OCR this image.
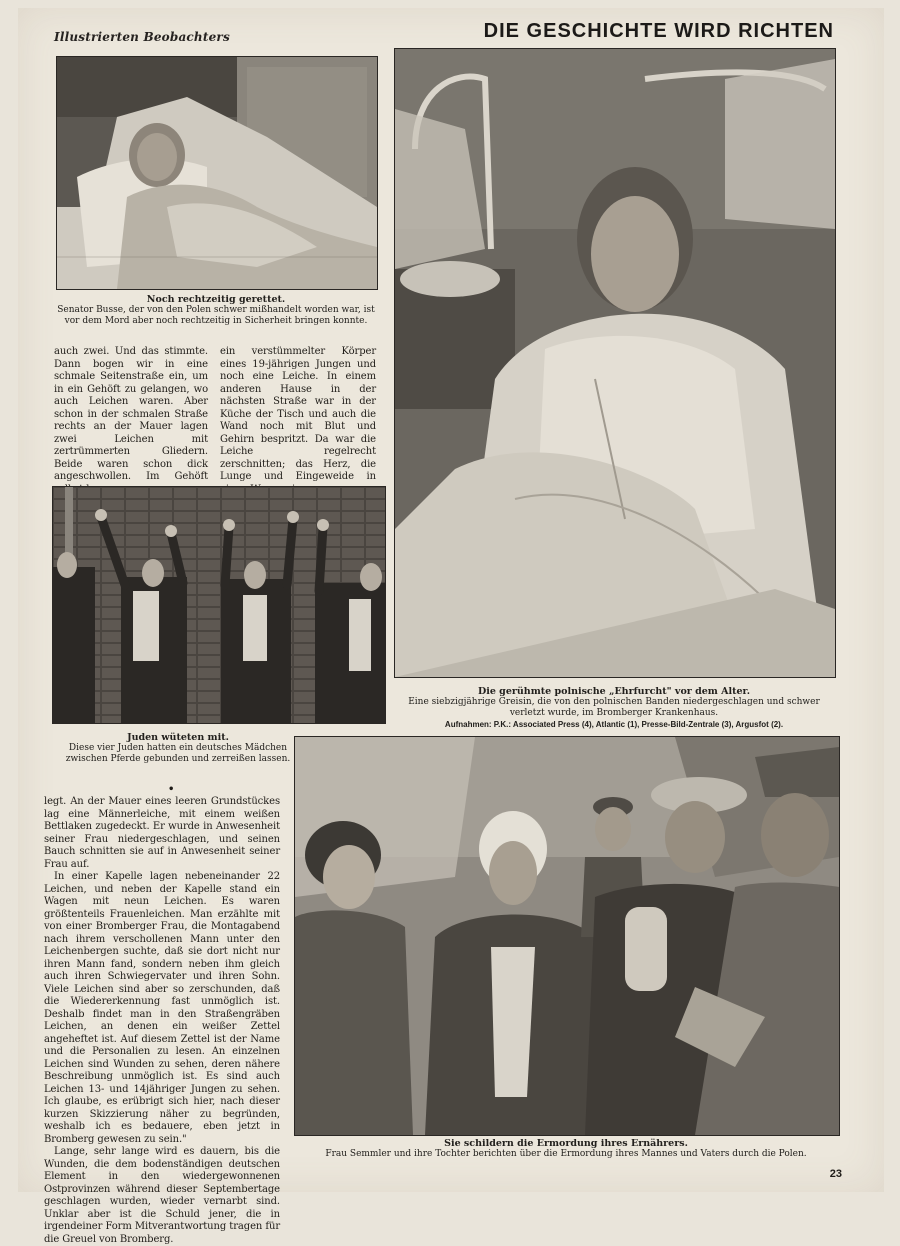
Illustrierten Beobachters	DIE GESCHICHTE WIRD RICHTEN
Noch rechtzeitig gerettet.
Senator Busse, der von den Polen schwer mißhandelt worden war, ist vor dem Mord aber noch rechtzeitig in Sicherheit bringen konnte.

auch zwei. Und das stimmte. Dann bogen wir in eine schmale Seitenstraße ein, um in ein Gehöft zu gelangen, wo auch Leichen waren. Aber schon in der schmalen Straße rechts an der Mauer lagen zwei Leichen mit zertrümmerten Gliedern. Beide waren schon dick angeschwollen. Im Gehöft

ein verstümmelter Körper eines 19-jährigen Jungen und noch eine Leiche. In einem anderen Hause in der nächsten Straße war in der Küche der Tisch und auch die Wand noch mit Blut und Gehirn bespritzt. Da war die Leiche regelrecht zerschnitten; das Herz, die Lunge und Eingeweide in

Die gerühmte polnische „Ehrfurcht" vor dem Alter.
Eine siebzigjährige Greisin, die von den polnischen Banden niedergeschlagen und schwer verletzt wurde, im Bromberger Krankenhaus.
Aufnahmen: P.K.: Associated Press (4), Atlantic (1), Presse-Bild-Zentrale (3), Argusfot (2).
Juden wüteten mit.
Diese vier Juden hatten ein deutsches Mädchen zwischen Pferde gebunden und zerreißen lassen.
•

legt. An der Mauer eines leeren Grundstückes lag eine Männerleiche, mit einem weißen Bettlaken zugedeckt. Er wurde in Anwesenheit seiner Frau niedergeschlagen, und seinen Bauch schnitten sie auf in Anwesenheit seiner Frau auf.

In einer Kapelle lagen nebeneinander 22 Leichen, und neben der Kapelle stand ein Wagen mit neun Leichen. Es waren größtenteils Frauenleichen. Man erzählte mit von einer Bromberger Frau, die Montagabend nach ihrem verschollenen Mann unter den Leichenbergen suchte, daß sie dort nicht nur ihren Mann fand, sondern neben ihm gleich auch ihren Schwiegervater und ihren Sohn. Viele Leichen sind aber so zerschunden, daß die Wiedererkennung fast unmöglich ist. Deshalb findet man in den Straßengräben Leichen, an denen ein weißer Zettel angeheftet ist. Auf diesem Zettel ist der Name und die Personalien zu lesen. An einzelnen Leichen sind Wunden zu sehen, deren nähere Beschreibung unmöglich ist. Es sind auch Leichen 13- und 14jähriger Jungen zu sehen. Ich glaube, es erübrigt sich hier, nach dieser kurzen Skizzierung näher zu begründen, weshalb ich es bedauere, eben jetzt in Bromberg gewesen zu sein."

Lange, sehr lange wird es dauern, bis die Wunden, die dem bodenständigen deutschen Element in den wiedergewonnenen Ostprovinzen während dieser Septembertage geschlagen wurden, wieder vernarbt sind. Unklar aber ist die Schuld jener, die in irgendeiner Form Mitverantwortung tragen für die Greuel von Bromberg.

Sie schildern die Ermordung ihres Ernährers.
Frau Semmler und ihre Tochter berichten über die Ermordung ihres Mannes und Vaters durch die Polen.
23
